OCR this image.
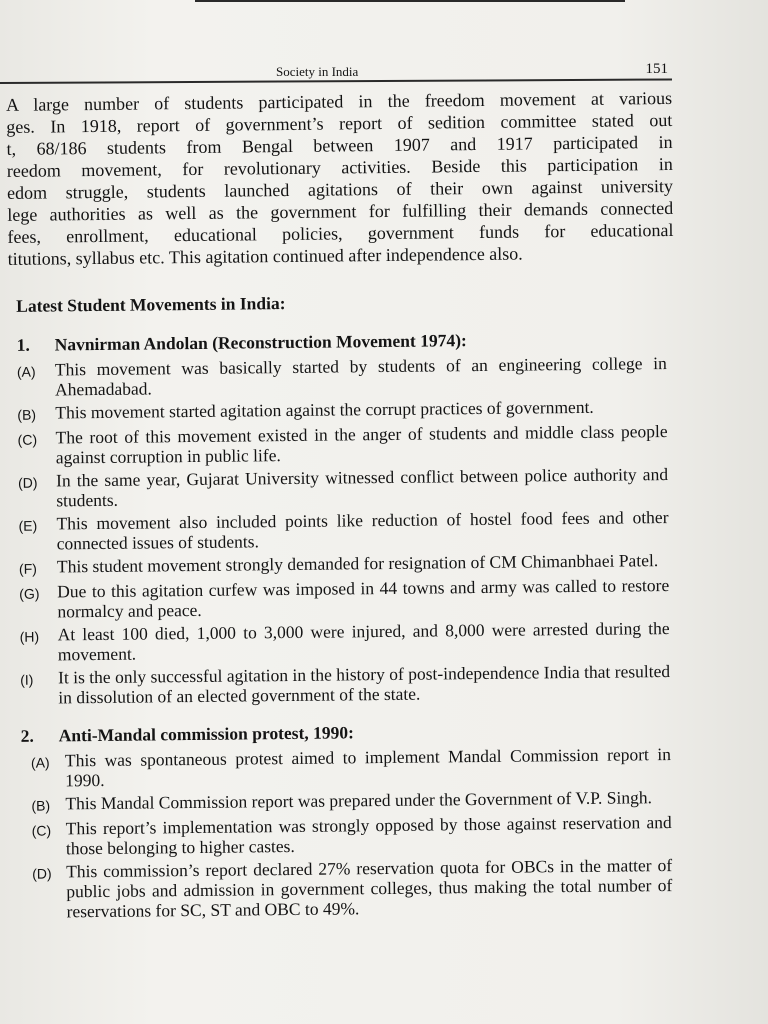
Society in India	151

A large number of students participated in the freedom movement at various
ges. In 1918, report of government’s report of sedition committee stated out
t, 68/186 students from Bengal between 1907 and 1917 participated in
reedom movement, for revolutionary activities. Beside this participation in
edom struggle, students launched agitations of their own against university
lege authorities as well as the government for fulfilling their demands connected
fees, enrollment, educational policies, government funds for educational
titutions, syllabus etc. This agitation continued after independence also.

Latest Student Movements in India:
1.	Navnirman Andolan (Reconstruction Movement 1974):
(A)	This movement was basically started by students of an engineering college in Ahemadabad.
(B)	This movement started agitation against the corrupt practices of government.
(C)	The root of this movement existed in the anger of students and middle class people against corruption in public life.
(D)	In the same year, Gujarat University witnessed conflict between police authority and students.
(E)	This movement also included points like reduction of hostel food fees and other connected issues of students.
(F)	This student movement strongly demanded for resignation of CM Chimanbhaei Patel.
(G)	Due to this agitation curfew was imposed in 44 towns and army was called to restore normalcy and peace.
(H)	At least 100 died, 1,000 to 3,000 were injured, and 8,000 were arrested during the movement.
(I)	It is the only successful agitation in the history of post-independence India that resulted in dissolution of an elected government of the state.
2.	Anti-Mandal commission protest, 1990:
(A) This was spontaneous protest aimed to implement Mandal Commission report in 1990.
(B) This Mandal Commission report was prepared under the Government of V.P. Singh.
(C) This report’s implementation was strongly opposed by those against reservation and those belonging to higher castes.
(D) This commission’s report declared 27% reservation quota for OBCs in the matter of public jobs and admission in government colleges, thus making the total number of reservations for SC, ST and OBC to 49%.
